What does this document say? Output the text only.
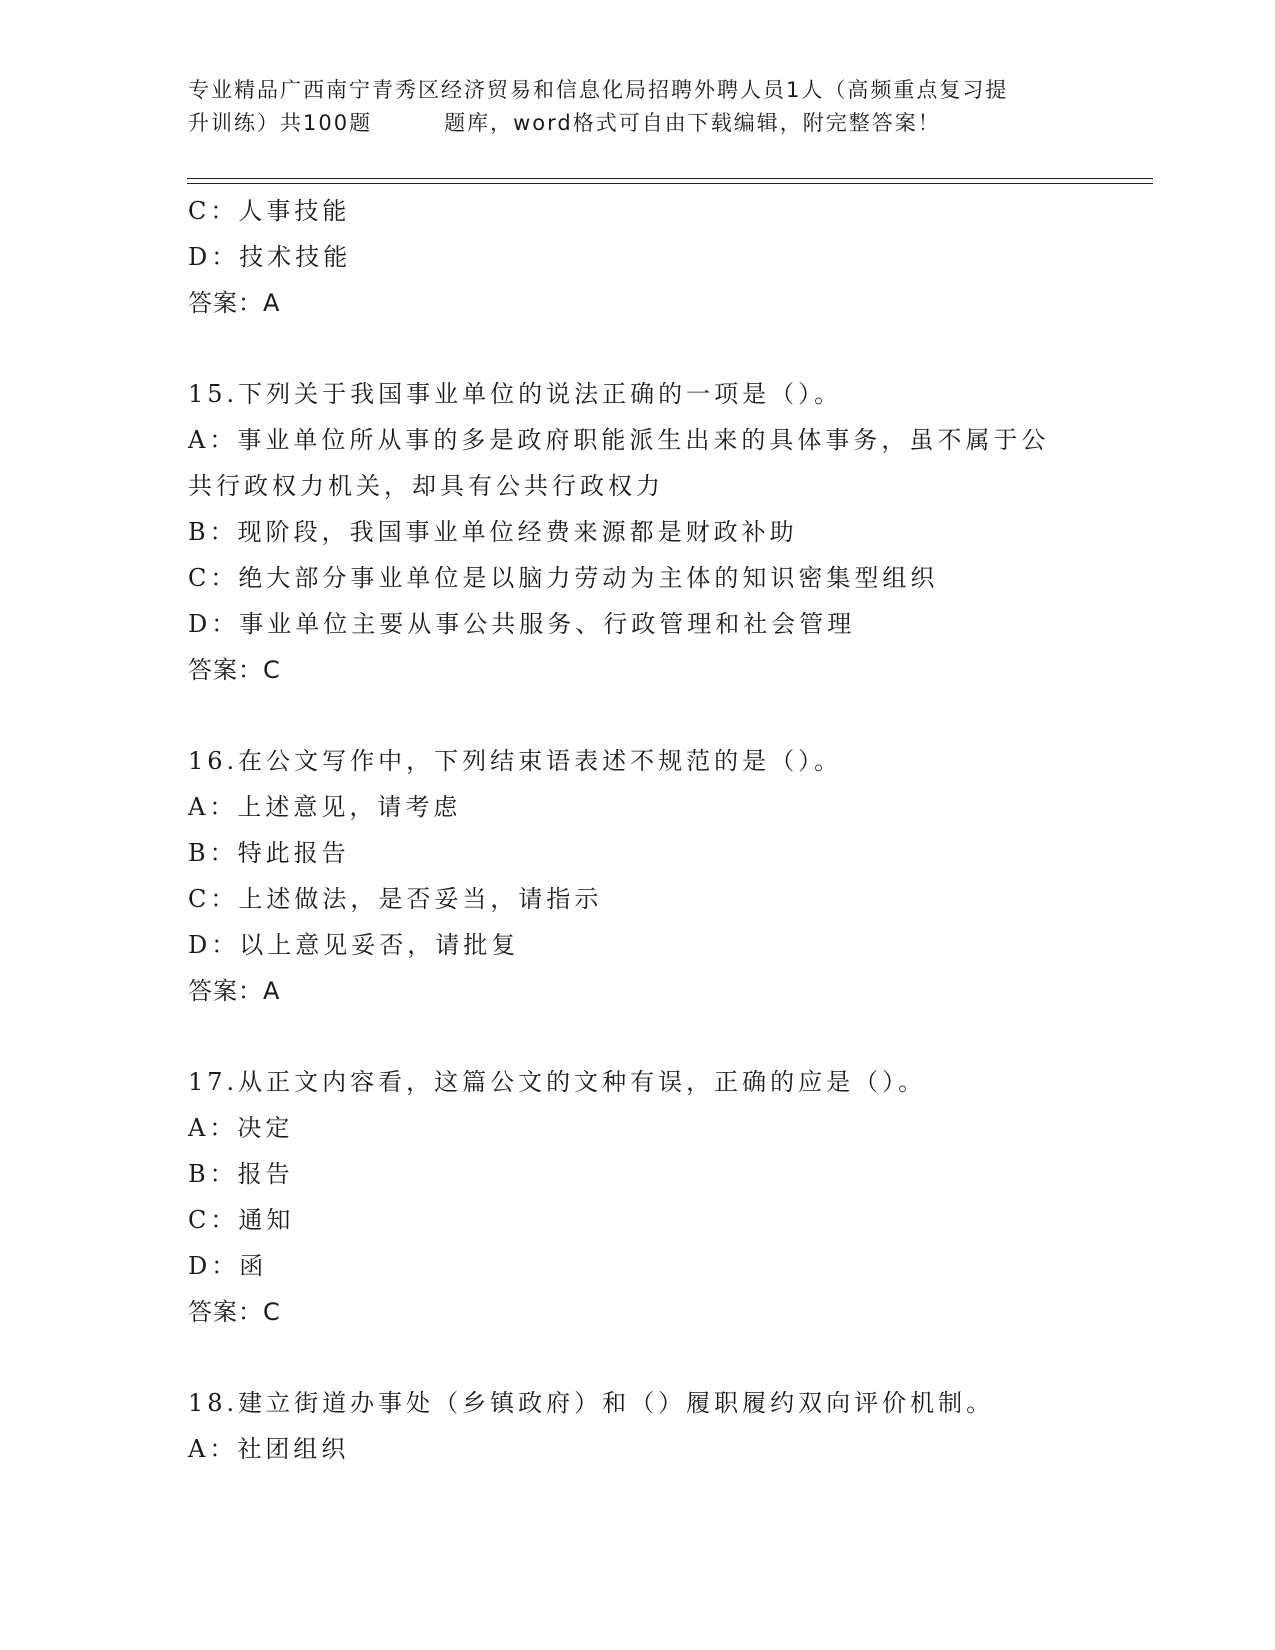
专业精品广西南宁青秀区经济贸易和信息化局招聘外聘人员1人（高频重点复习提
升训练）共100题	题库，word格式可自由下载编辑，附完整答案！
C：人事技能
D：技术技能
答案：A
15.下列关于我国事业单位的说法正确的一项是（）。
A：事业单位所从事的多是政府职能派生出来的具体事务，虽不属于公
共行政权力机关，却具有公共行政权力
B：现阶段，我国事业单位经费来源都是财政补助
C：绝大部分事业单位是以脑力劳动为主体的知识密集型组织
D：事业单位主要从事公共服务、行政管理和社会管理
答案：C
16.在公文写作中，下列结束语表述不规范的是（）。
A：上述意见，请考虑
B：特此报告
C：上述做法，是否妥当，请指示
D：以上意见妥否，请批复
答案：A
17.从正文内容看，这篇公文的文种有误，正确的应是（）。
A：决定
B：报告
C：通知
D：函
答案：C
18.建立街道办事处（乡镇政府）和（）履职履约双向评价机制。
A：社团组织
